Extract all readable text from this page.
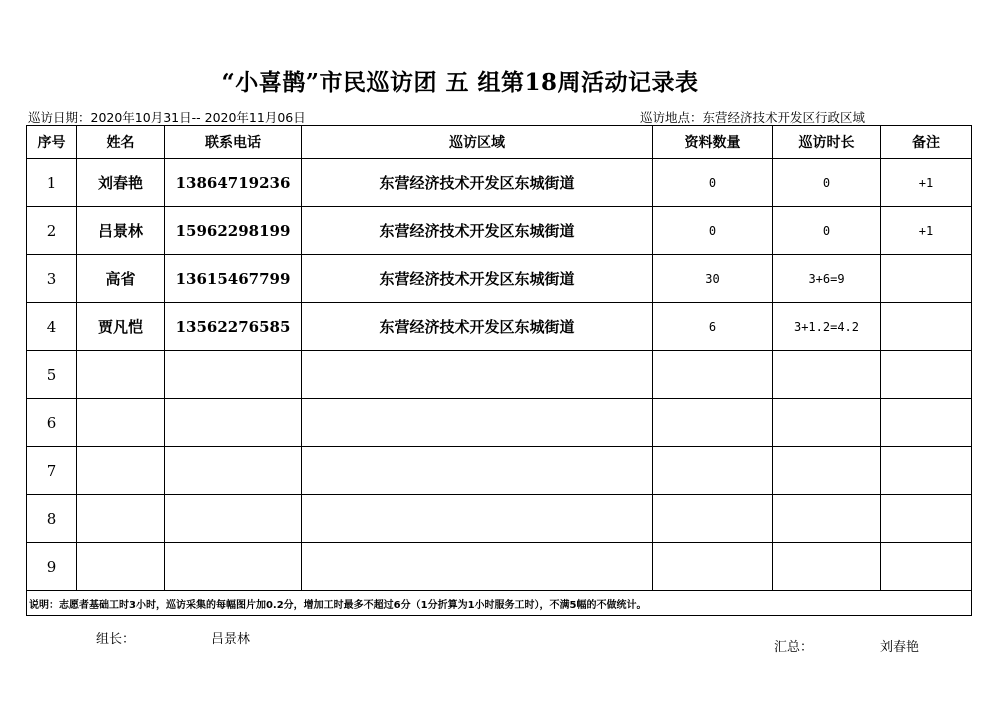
“小喜鹊”市民巡访团 五 组第18周活动记录表
巡访日期：2020年10月31日-- 2020年11月06日	巡访地点：东营经济技术开发区行政区域
序号	姓名	联系电话	巡访区域	资料数量	巡访时长	备注
1	刘春艳	13864719236	东营经济技术开发区东城街道	0	0	+1
2	吕景林	15962298199	东营经济技术开发区东城街道	0	0	+1
3	高省	13615467799	东营经济技术开发区东城街道	30	3+6=9	
4	贾凡恺	13562276585	东营经济技术开发区东城街道	6	3+1.2=4.2	
5						
6						
7						
8						
9						
说明：志愿者基础工时3小时，巡访采集的每幅图片加0.2分，增加工时最多不超过6分（1分折算为1小时服务工时），不满5幅的不做统计。						
组长：	吕景林
汇总：	刘春艳
